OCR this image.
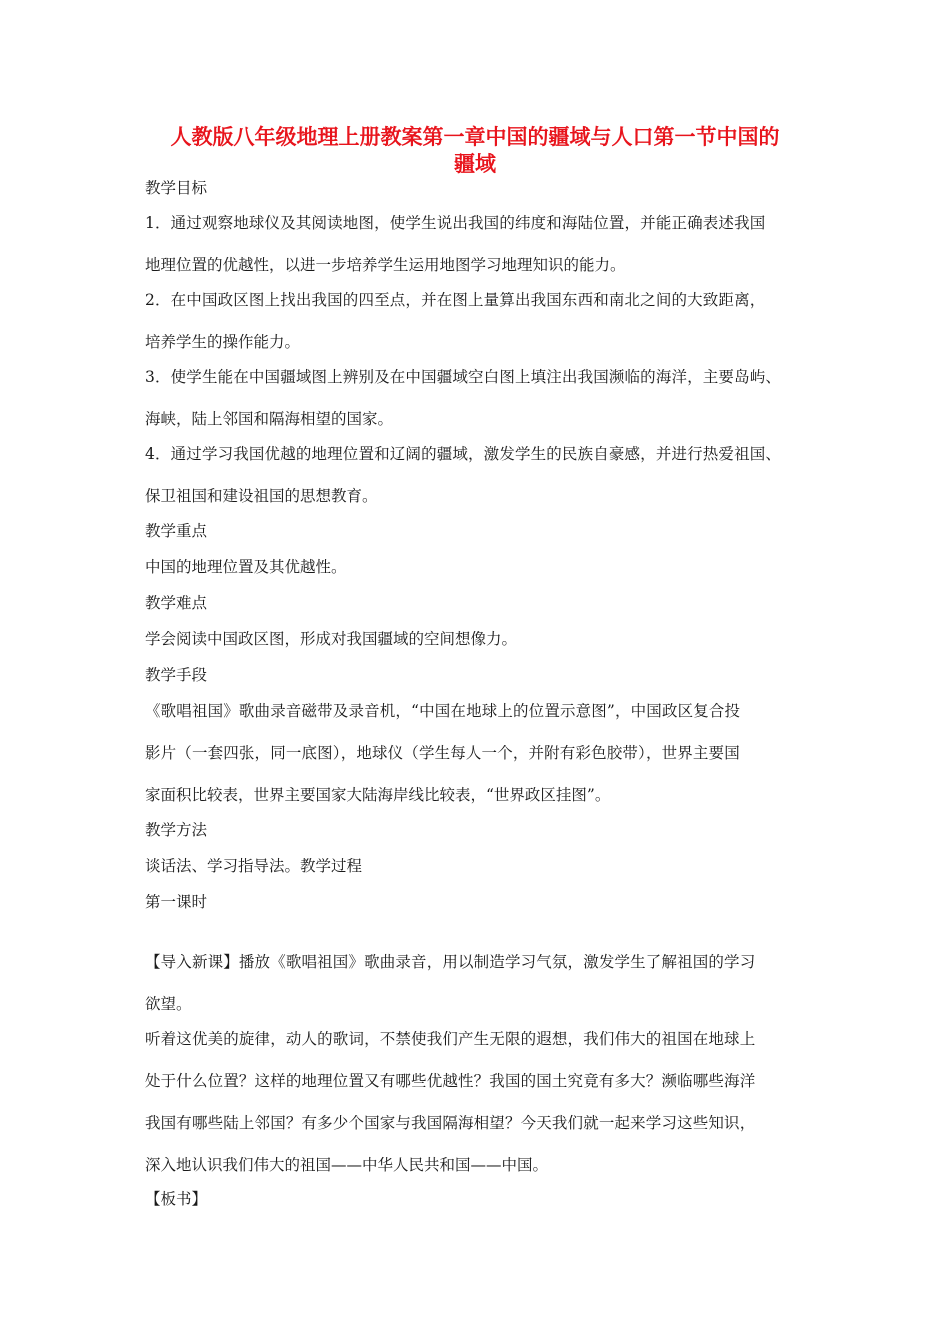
人教版八年级地理上册教案第一章中国的疆域与人口第一节中国的
疆域
教学目标
1．通过观察地球仪及其阅读地图，使学生说出我国的纬度和海陆位置，并能正确表述我国
地理位置的优越性，以进一步培养学生运用地图学习地理知识的能力。
2．在中国政区图上找出我国的四至点，并在图上量算出我国东西和南北之间的大致距离，
培养学生的操作能力。
3．使学生能在中国疆域图上辨别及在中国疆域空白图上填注出我国濒临的海洋，主要岛屿、
海峡，陆上邻国和隔海相望的国家。
4．通过学习我国优越的地理位置和辽阔的疆域，激发学生的民族自豪感，并进行热爱祖国、
保卫祖国和建设祖国的思想教育。
教学重点
中国的地理位置及其优越性。
教学难点
学会阅读中国政区图，形成对我国疆域的空间想像力。
教学手段
《歌唱祖国》歌曲录音磁带及录音机，“中国在地球上的位置示意图”，中国政区复合投
影片（一套四张，同一底图），地球仪（学生每人一个，并附有彩色胶带），世界主要国
家面积比较表，世界主要国家大陆海岸线比较表，“世界政区挂图”。
教学方法
谈话法、学习指导法。教学过程
第一课时
【导入新课】播放《歌唱祖国》歌曲录音，用以制造学习气氛，激发学生了解祖国的学习
欲望。
听着这优美的旋律，动人的歌词，不禁使我们产生无限的遐想，我们伟大的祖国在地球上
处于什么位置？这样的地理位置又有哪些优越性？我国的国土究竟有多大？濒临哪些海洋
我国有哪些陆上邻国？有多少个国家与我国隔海相望？今天我们就一起来学习这些知识，
深入地认识我们伟大的祖国——中华人民共和国——中国。
【板书】
